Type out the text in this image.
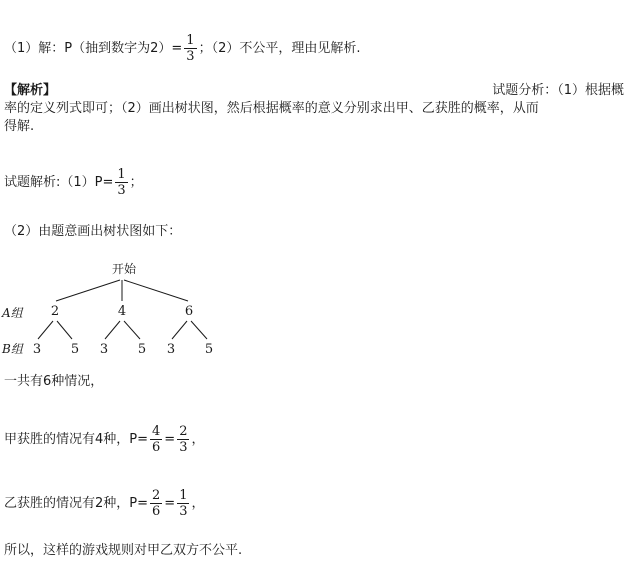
（1）解：P（抽到数字为$2)= \frac{1}{3}$ ；（2）不公平，理由见解析.
【解析】	试题分析：（1）根据概
率的定义列式即可；（2）画出树状图，然后根据概率的意义分别求出甲、乙获胜的概率，从而
得解.
试题解析:（1）P= $\frac{1}{3}$ ；
（2）由题意画出树状图如下：
开始
A组 2	4	6
B组 3 5 3 5 3 5
一共有6种情况，
甲获胜的情况有4种，$P= \frac{4}{6} = \frac{2}{3}$ ，
乙获胜的情况有2种，$P= \frac{2}{6} = \frac{1}{3}$ ，
所以，这样的游戏规则对甲乙双方不公平.
